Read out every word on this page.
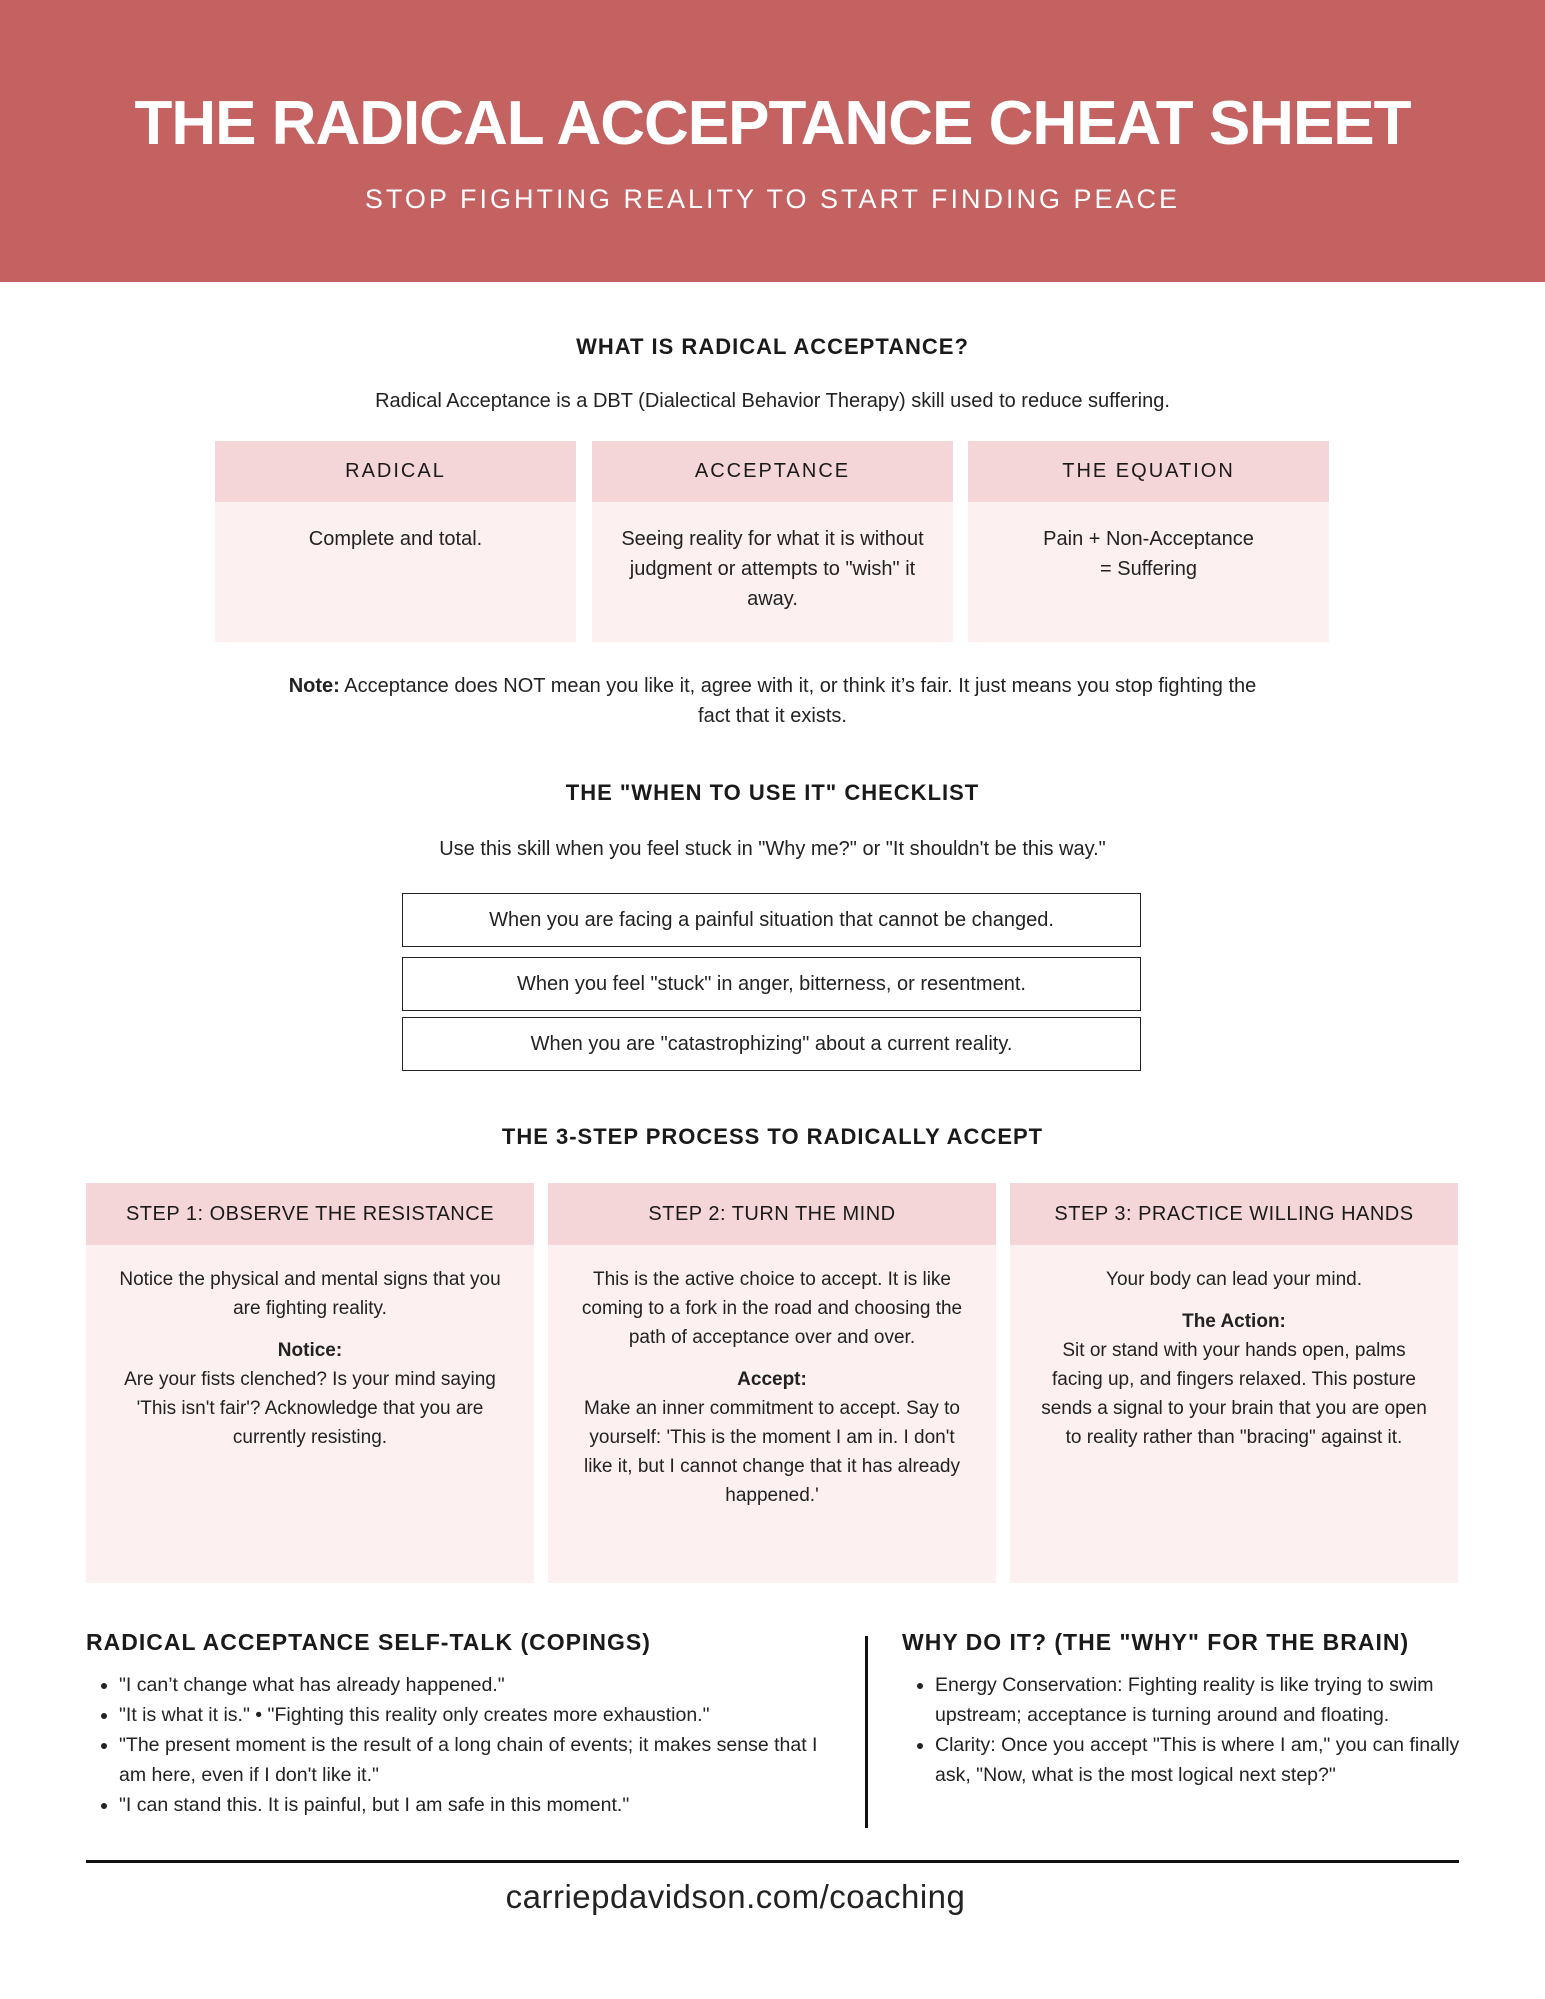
THE RADICAL ACCEPTANCE CHEAT SHEET
STOP FIGHTING REALITY TO START FINDING PEACE
WHAT IS RADICAL ACCEPTANCE?
Radical Acceptance is a DBT (Dialectical Behavior Therapy) skill used to reduce suffering.
RADICAL
Complete and total.
ACCEPTANCE
Seeing reality for what it is without judgment or attempts to "wish" it away.
THE EQUATION
Pain + Non-Acceptance
= Suffering
Note: Acceptance does NOT mean you like it, agree with it, or think it’s fair. It just means you stop fighting the fact that it exists.
THE "WHEN TO USE IT" CHECKLIST
Use this skill when you feel stuck in "Why me?" or "It shouldn't be this way."
When you are facing a painful situation that cannot be changed.
When you feel "stuck" in anger, bitterness, or resentment.
When you are "catastrophizing" about a current reality.
THE 3-STEP PROCESS TO RADICALLY ACCEPT
STEP 1: OBSERVE THE RESISTANCE

Notice the physical and mental signs that you are fighting reality.

Notice:
Are your fists clenched? Is your mind saying 'This isn't fair'? Acknowledge that you are currently resisting.

STEP 2: TURN THE MIND

This is the active choice to accept. It is like coming to a fork in the road and choosing the path of acceptance over and over.

Accept:
Make an inner commitment to accept. Say to yourself: 'This is the moment I am in. I don't like it, but I cannot change that it has already happened.'

STEP 3: PRACTICE WILLING HANDS

Your body can lead your mind.

The Action:
Sit or stand with your hands open, palms facing up, and fingers relaxed. This posture sends a signal to your brain that you are open to reality rather than "bracing" against it.

RADICAL ACCEPTANCE SELF-TALK (COPINGS)
• "I can’t change what has already happened."
• "It is what it is." • "Fighting this reality only creates more exhaustion."
• "The present moment is the result of a long chain of events; it makes sense that I am here, even if I don't like it."
• "I can stand this. It is painful, but I am safe in this moment."
WHY DO IT? (THE "WHY" FOR THE BRAIN)
• Energy Conservation: Fighting reality is like trying to swim upstream; acceptance is turning around and floating.
• Clarity: Once you accept "This is where I am," you can finally ask, "Now, what is the most logical next step?"
carriepdavidson.com/coaching
